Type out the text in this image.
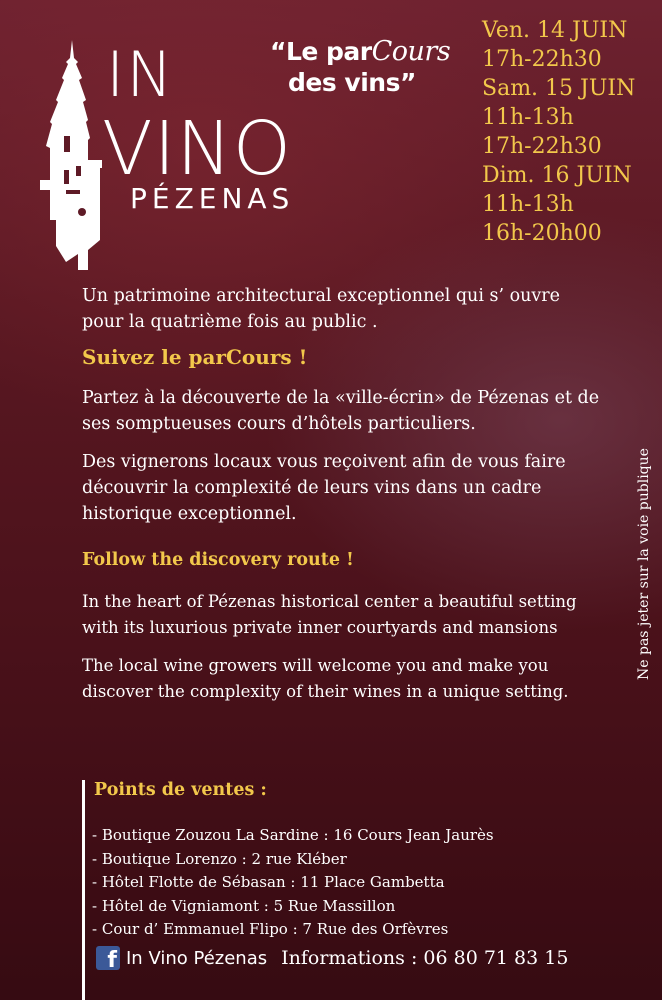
IN
VINO
PÉZENAS
“Le parCours
des vins”
Ven. 14 JUIN
17h-22h30
Sam. 15 JUIN
11h-13h
17h-22h30
Dim. 16 JUIN
11h-13h
16h-20h00

Un patrimoine architectural exceptionnel qui s’ ouvre pour la quatrième fois au public .

Suivez le parCours !

Partez à la découverte de la «ville-écrin» de Pézenas et de ses somptueuses cours d’hôtels particuliers.

Des vignerons locaux vous reçoivent afin de vous faire découvrir la complexité de leurs vins dans un cadre historique exceptionnel.

Follow the discovery route !

In the heart of Pézenas historical center a beautiful setting with its luxurious private inner courtyards and mansions

The local wine growers will welcome you and make you discover the complexity of their wines in a unique setting.

Ne pas jeter sur la voie publique
Points de ventes :
- Boutique Zouzou La Sardine : 16 Cours Jean Jaurès
- Boutique Lorenzo : 2 rue Kléber
- Hôtel Flotte de Sébasan : 11 Place Gambetta
- Hôtel de Vigniamont : 5 Rue Massillon
- Cour d’ Emmanuel Flipo : 7 Rue des Orfèvres
f In Vino Pézenas Informations : 06 80 71 83 15
